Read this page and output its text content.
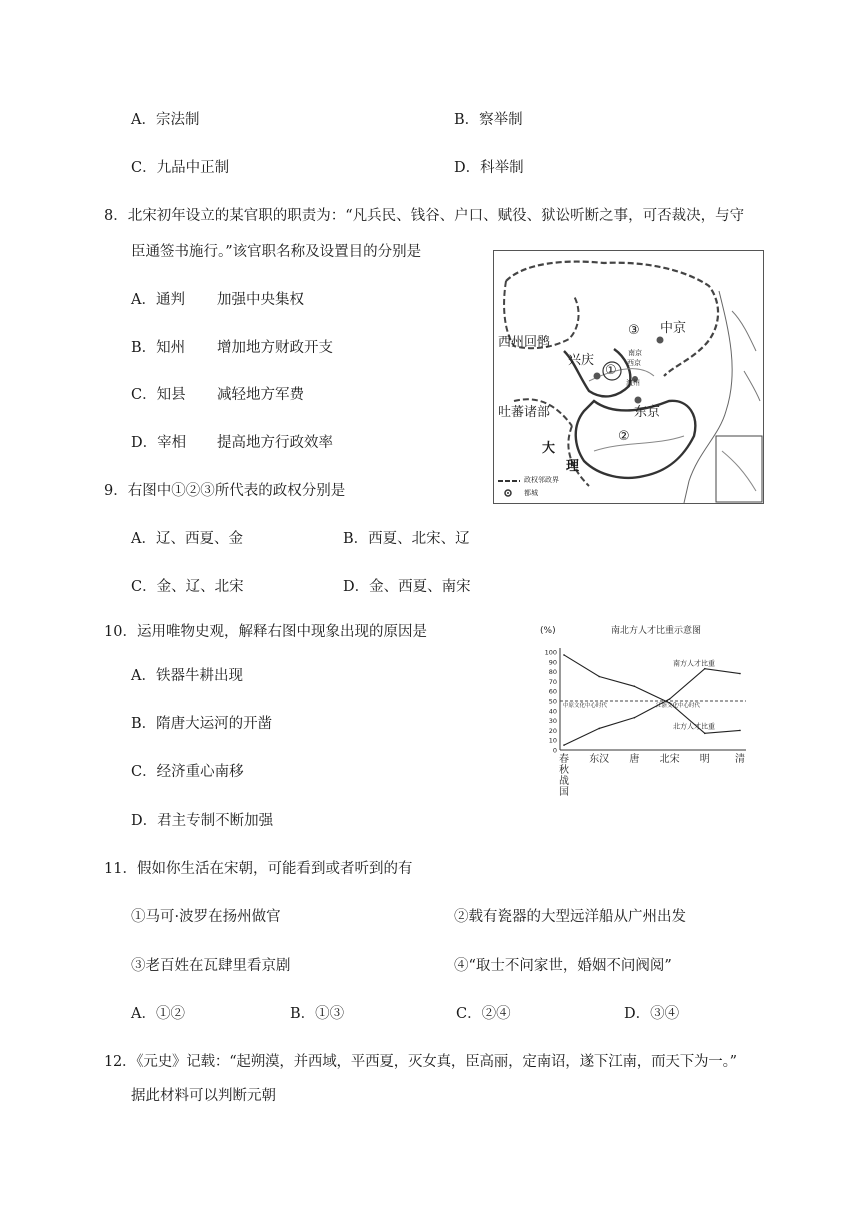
A．宗法制	B．察举制
C．九品中正制	D．科举制
8．北宋初年设立的某官职的职责为：“凡兵民、钱谷、户口、赋役、狱讼听断之事，可否裁决，与守
臣通签书施行。”该官职名称及设置目的分别是
A．通判 加强中央集权
B．知州 增加地方财政开支
C．知县 减轻地方军费
D．宰相 提高地方行政效率
③ 中京
西州回鹘
兴庆
①
南京
西京
澶州
吐蕃诸部	东京
②
大
理
政权邻政界
都城
9．右图中①②③所代表的政权分别是
A．辽、西夏、金	B．西夏、北宋、辽
C．金、辽、北宋	D．金、西夏、南宋
10．运用唯物史观，解释右图中现象出现的原因是
A．铁器牛耕出现
B．隋唐大运河的开凿
C．经济重心南移
D．君主专制不断加强
南北方人才比重示意图
(%)
0
10
20
30
40
50
60
70
80
90
100
春
秋
战
国
东汉 唐 北宋 明	清
南方人才比重
北方人才比重
中原文化中心时代	江浙文化中心时代
11．假如你生活在宋朝，可能看到或者听到的有
①马可·波罗在扬州做官	②载有瓷器的大型远洋船从广州出发
③老百姓在瓦肆里看京剧	④“取士不问家世，婚姻不问阀阅”
A．①②	B．①③	C．②④	D．③④
12．《元史》记载：“起朔漠，并西域，平西夏，灭女真，臣高丽，定南诏，遂下江南，而天下为一。”
据此材料可以判断元朝
